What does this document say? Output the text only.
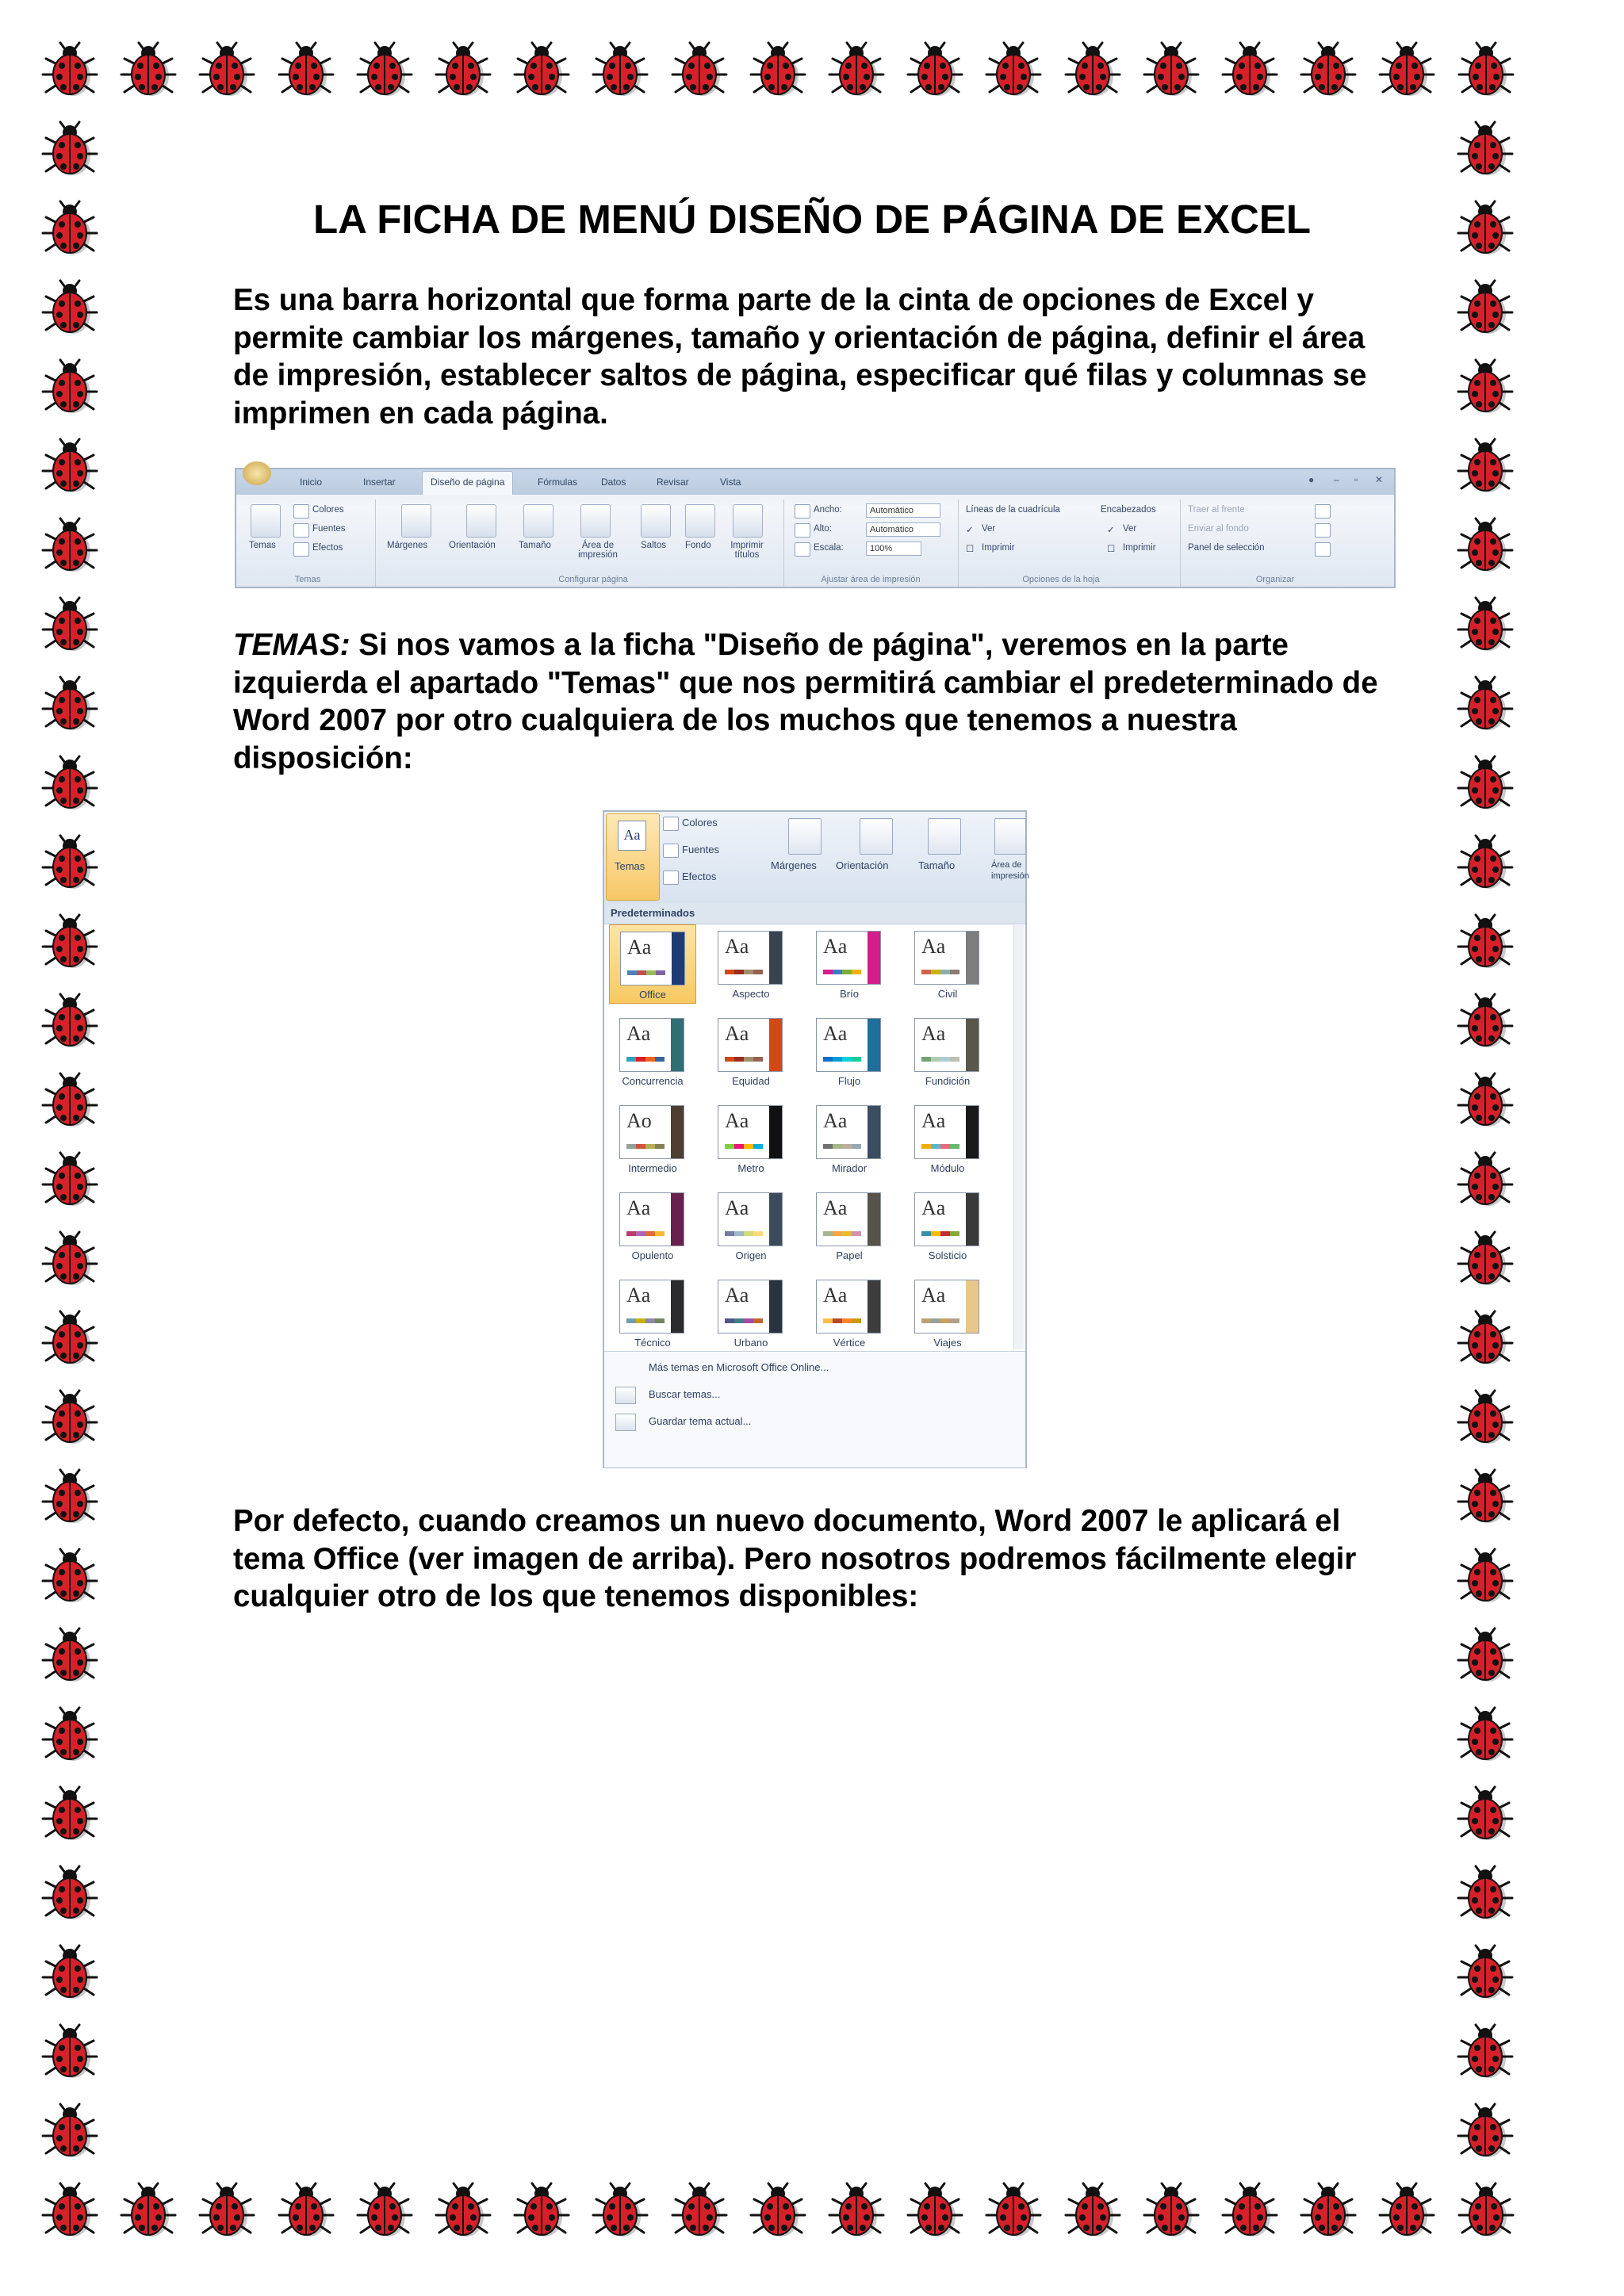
LA FICHA DE MENÚ DISEÑO DE PÁGINA DE EXCEL

Es una barra horizontal que forma parte de la cinta de opciones de Excel y permite cambiar los márgenes, tamaño y orientación de página, definir el área de impresión, establecer saltos de página, especificar qué filas y columnas se imprimen en cada página.

Inicio	Insertar	Diseño de página	Fórmulas Datos	Revisar	Vista	● – ▫ ✕
Temas
Colores
Fuentes
Efectos
Temas
Márgenes Orientación	Tamaño	Área de impresión
Saltos Fondo	Imprimir títulos
Configurar página
Ancho:	Automático
Alto:	Automático
Escala:	100%
Ajustar área de impresión
Líneas de la cuadrícula	Encabezados
✓ Ver	✓ Ver
☐ Imprimir	☐ Imprimir
Opciones de la hoja
Traer al frente
Enviar al fondo
Panel de selección
Organizar

TEMAS: Si nos vamos a la ficha "Diseño de página", veremos en la parte izquierda el apartado "Temas" que nos permitirá cambiar el predeterminado de Word 2007 por otro cualquiera de los muchos que tenemos a nuestra disposición:

Aa
Temas
Colores
Fuentes
Efectos
Márgenes Orientación	Tamaño	Área de impresión
Predeterminados
Aa
Office
Aa
Aspecto
Aa
Brío
Aa
Civil
Aa
Concurrencia
Aa
Equidad
Aa
Flujo
Aa
Fundición
Ao
Intermedio
Aa
Metro
Aa
Mirador
Aa
Módulo
Aa
Opulento
Aa
Origen
Aa
Papel
Aa
Solsticio
Aa
Técnico
Aa
Urbano
Aa
Vértice
Aa
Viajes
Más temas en Microsoft Office Online...
Buscar temas...
Guardar tema actual...

Por defecto, cuando creamos un nuevo documento, Word 2007 le aplicará el tema Office (ver imagen de arriba). Pero nosotros podremos fácilmente elegir cualquier otro de los que tenemos disponibles:
